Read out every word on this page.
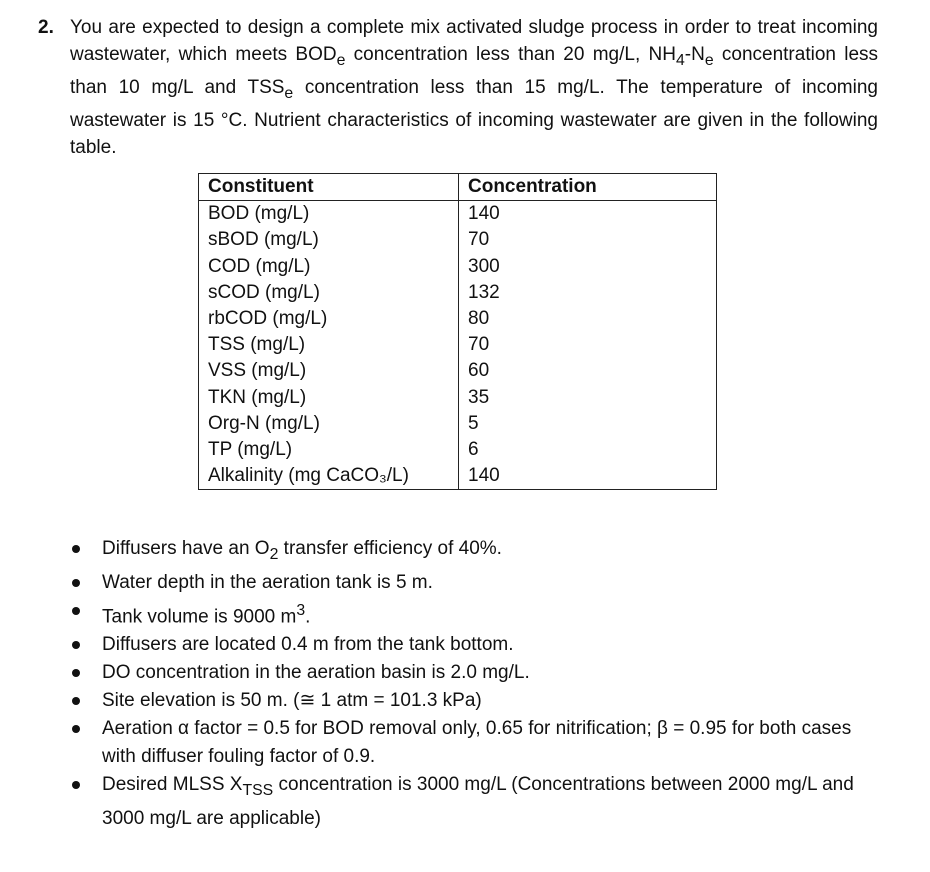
2. You are expected to design a complete mix activated sludge process in order to treat incoming wastewater, which meets $BOD_e$ concentration less than 20 mg/L, $NH_4-N_e$ concentration less than 10 mg/L and $TSS_e$ concentration less than 15 mg/L. The temperature of incoming wastewater is 15 °C. Nutrient characteristics of incoming wastewater are given in the following table.
Constituent	Concentration
BOD (mg/L)	140
sBOD (mg/L)	70
COD (mg/L)	300
sCOD (mg/L)	132
rbCOD (mg/L)	80
TSS (mg/L)	70
VSS (mg/L)	60
TKN (mg/L)	35
Org-N (mg/L)	5
TP (mg/L)	6
Alkalinity (mg CaCO₃/L)	140
Diffusers have an $O_2$ transfer efficiency of 40%.
Water depth in the aeration tank is 5 m.
Tank volume is 9000 $m^3$.
Diffusers are located 0.4 m from the tank bottom.
DO concentration in the aeration basin is 2.0 mg/L.
Site elevation is 50 m. (≅ 1 atm = 101.3 kPa)
Aeration α factor = 0.5 for BOD removal only, 0.65 for nitrification; β = 0.95 for both cases with diffuser fouling factor of 0.9.
Desired MLSS $X_{TSS}$ concentration is 3000 mg/L (Concentrations between 2000 mg/L and 3000 mg/L are applicable)
